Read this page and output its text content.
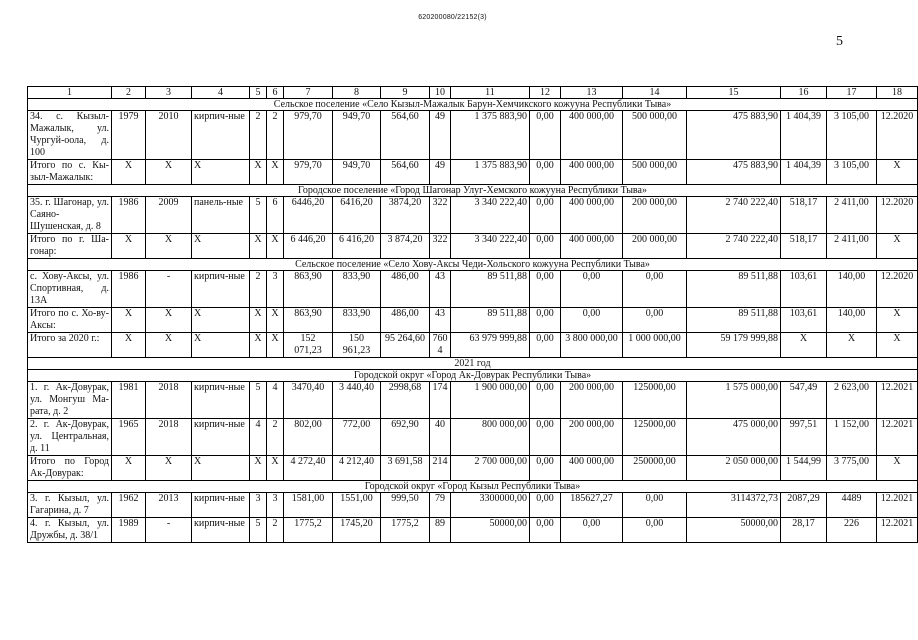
620200080/22152(3)
5
1	2	3	4	5	6	7	8	9	10	11	12	13	14	15	16	17	18
Сельское поселение «Село Кызыл-Мажалык Барун-Хемчикского кожууна Республики Тыва»																	
34. с. Кызыл-Мажалык, ул. Чургуй-оола, д. 100	1979	2010	кирпич-ные	2	2	979,70	949,70	564,60	49	1 375 883,90	0,00	400 000,00	500 000,00	475 883,90	1 404,39	3 105,00	12.2020
Итого по с. Кы-зыл-Мажалык:	X	X	X	X	X	979,70	949,70	564,60	49	1 375 883,90	0,00	400 000,00	500 000,00	475 883,90	1 404,39	3 105,00	X
Городское поселение «Город Шагонар Улуг-Хемского кожууна Республики Тыва»																	
35. г. Шагонар, ул. Саяно-Шушенская, д. 8	1986	2009	панель-ные	5	6	6446,20	6416,20	3874,20	322	3 340 222,40	0,00	400 000,00	200 000,00	2 740 222,40	518,17	2 411,00	12.2020
Итого по г. Ша-гонар:	X	X	X	X	X	6 446,20	6 416,20	3 874,20	322	3 340 222,40	0,00	400 000,00	200 000,00	2 740 222,40	518,17	2 411,00	X
Сельское поселение «Село Хову-Аксы Чеди-Хольского кожууна Республики Тыва»																	
с. Хову-Аксы, ул. Спортивная, д. 13А	1986	-	кирпич-ные	2	3	863,90	833,90	486,00	43	89 511,88	0,00	0,00	0,00	89 511,88	103,61	140,00	12.2020
Итого по с. Хо-ву-Аксы:	X	X	X	X	X	863,90	833,90	486,00	43	89 511,88	0,00	0,00	0,00	89 511,88	103,61	140,00	X
Итого за 2020 г.:	X	X	X	X	X	152 071,23	150 961,23	95 264,60	760 4	63 979 999,88	0,00	3 800 000,00	1 000 000,00	59 179 999,88	X	X	X
2021 год																	
Городской округ «Город Ак-Довурак Республики Тыва»																	
1. г. Ак-Довурак, ул. Монгуш Ма-рата, д. 2	1981	2018	кирпич-ные	5	4	3470,40	3 440,40	2998,68	174	1 900 000,00	0,00	200 000,00	125000,00	1 575 000,00	547,49	2 623,00	12.2021
2. г. Ак-Довурак, ул. Центральная, д. 11	1965	2018	кирпич-ные	4	2	802,00	772,00	692,90	40	800 000,00	0,00	200 000,00	125000,00	475 000,00	997,51	1 152,00	12.2021
Итого по Город Ак-Довурак:	X	X	X	X	X	4 272,40	4 212,40	3 691,58	214	2 700 000,00	0,00	400 000,00	250000,00	2 050 000,00	1 544,99	3 775,00	X
Городской округ «Город Кызыл Республики Тыва»																	
3. г. Кызыл, ул. Гагарина, д. 7	1962	2013	кирпич-ные	3	3	1581,00	1551,00	999,50	79	3300000,00	0,00	185627,27	0,00	3114372,73	2087,29	4489	12.2021
4. г. Кызыл, ул. Дружбы, д. 38/1	1989	-	кирпич-ные	5	2	1775,2	1745,20	1775,2	89	50000,00	0,00	0,00	0,00	50000,00	28,17	226	12.2021
